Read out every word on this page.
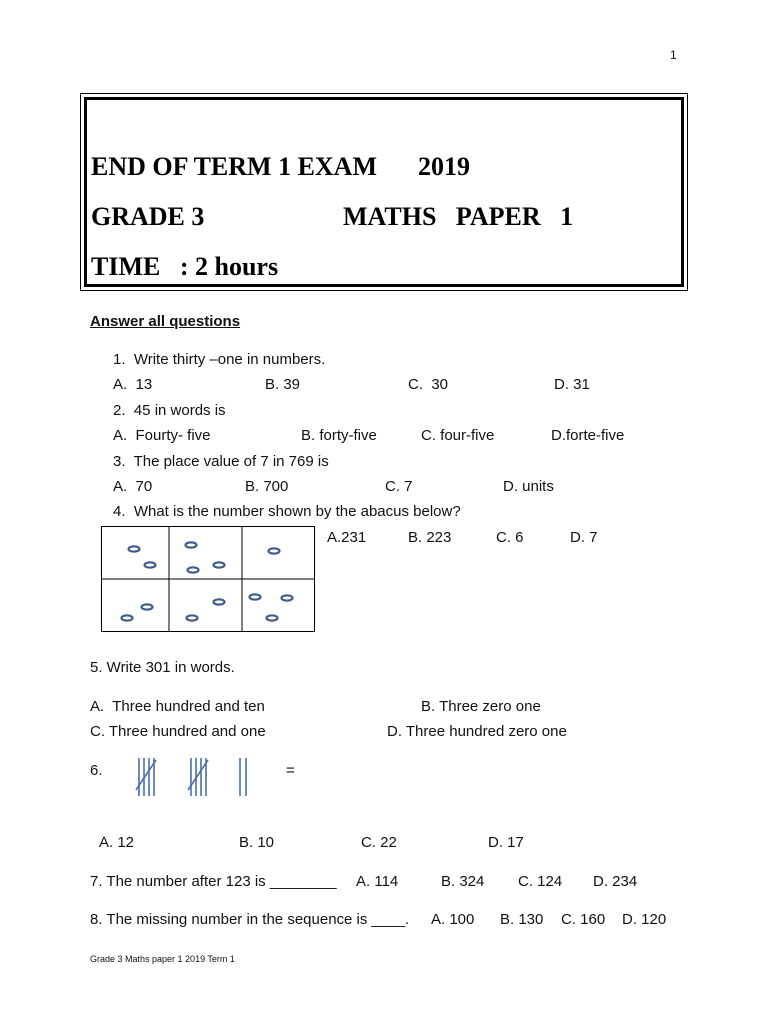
1
END OF TERM 1 EXAM 2019
GRADE 3	MATHS   PAPER   1
TIME   : 2 hours
Answer all questions
1.  Write thirty –one in numbers.
A.  13	B. 39	C.  30	D. 31
2.  45 in words is
A.  Fourty- five	B. forty-five	C. four-five	D.forte-five
3.  The place value of 7 in 769 is
A.  70	B. 700	C. 7	D. units
4.  What is the number shown by the abacus below?
A.231	B. 223	C. 6	D. 7
5. Write 301 in words.
A.  Three hundred and ten	B. Three zero one
C. Three hundred and one	D. Three hundred zero one
6.	=
A. 12	B. 10	C. 22	D. 17
7. The number after 123 is ________ A. 114	B. 324 C. 124 D. 234
8. The missing number in the sequence is ____. A. 100 B. 130 C. 160 D. 120
Grade 3 Maths paper 1 2019 Term 1
